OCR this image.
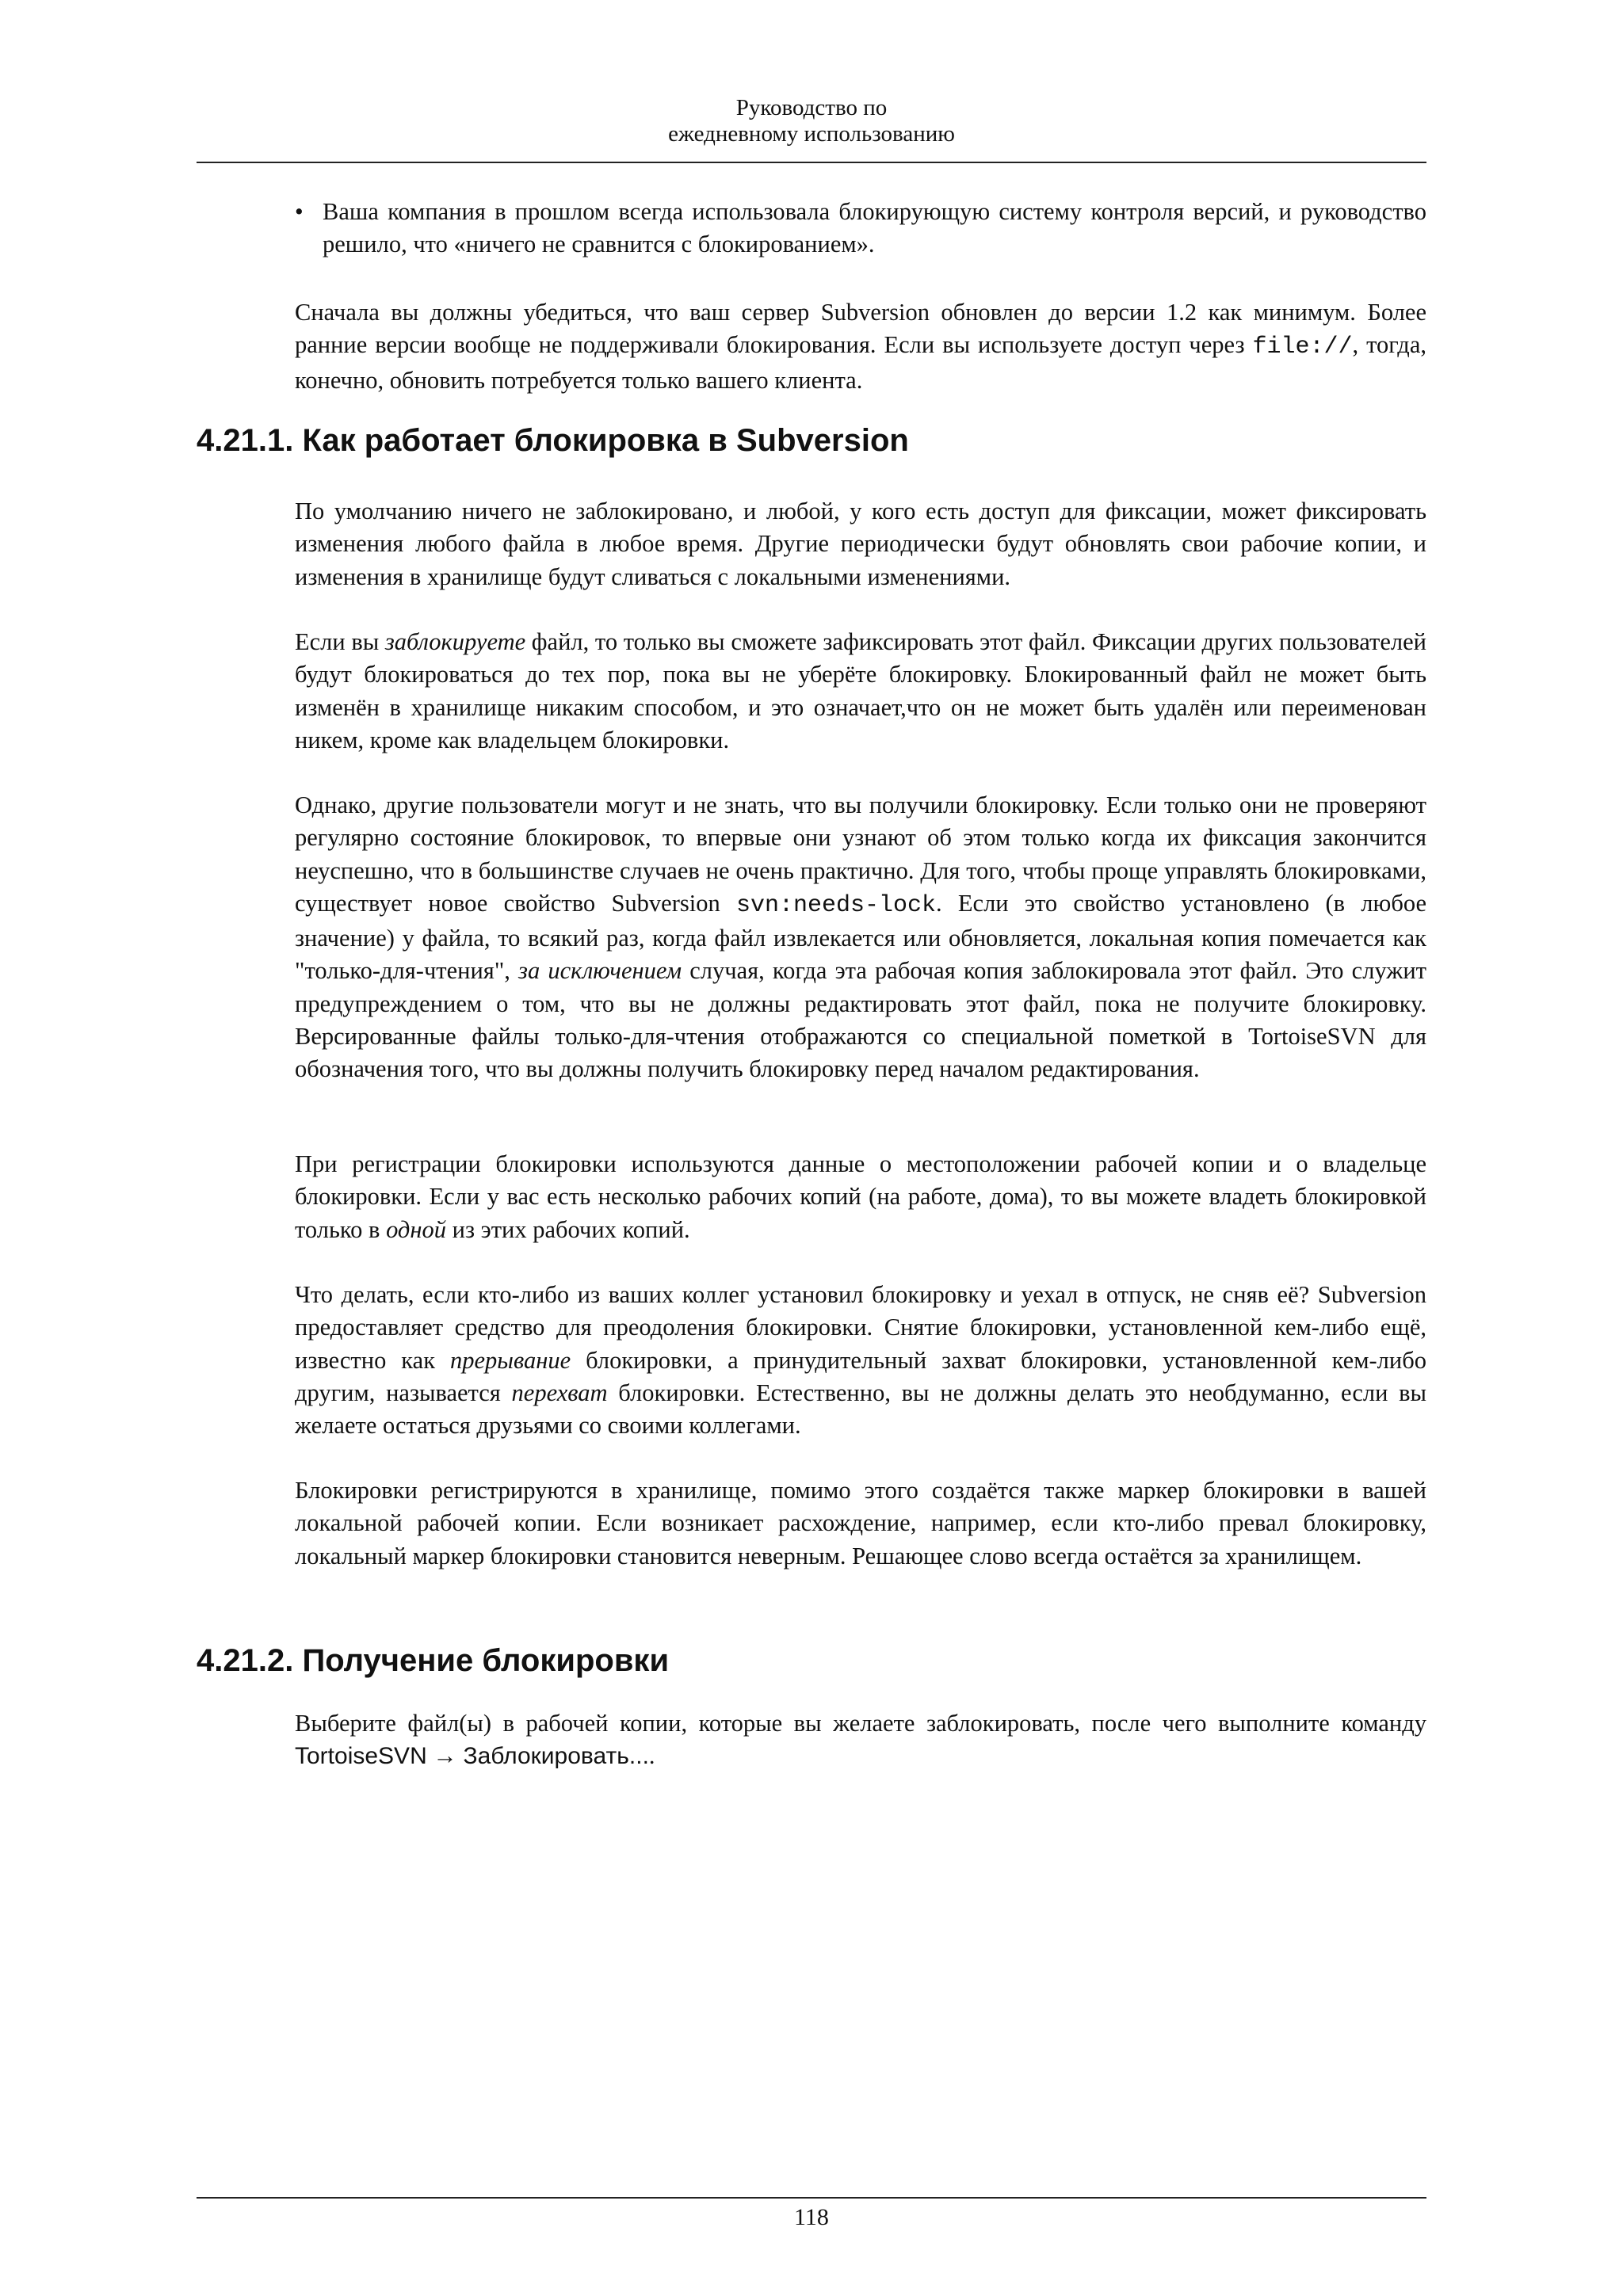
Руководство по
ежедневному использованию
• Ваша компания в прошлом всегда использовала блокирующую систему контроля версий, и руководство решило, что «ничего не сравнится с блокированием».

Сначала вы должны убедиться, что ваш сервер Subversion обновлен до версии 1.2 как минимум. Более ранние версии вообще не поддерживали блокирования. Если вы используете доступ через file://, тогда, конечно, обновить потребуется только вашего клиента.

4.21.1. Как работает блокировка в Subversion

По умолчанию ничего не заблокировано, и любой, у кого есть доступ для фиксации, может фиксировать изменения любого файла в любое время. Другие периодически будут обновлять свои рабочие копии, и изменения в хранилище будут сливаться с локальными изменениями.

Если вы заблокируете файл, то только вы сможете зафиксировать этот файл. Фиксации других пользователей будут блокироваться до тех пор, пока вы не уберёте блокировку. Блокированный файл не может быть изменён в хранилище никаким способом, и это означает,что он не может быть удалён или переименован никем, кроме как владельцем блокировки.

Однако, другие пользователи могут и не знать, что вы получили блокировку. Если только они не проверяют регулярно состояние блокировок, то впервые они узнают об этом только когда их фиксация закончится неуспешно, что в большинстве случаев не очень практично. Для того, чтобы проще управлять блокировками, существует новое свойство Subversion svn:needs-lock. Если это свойство установлено (в любое значение) у файла, то всякий раз, когда файл извлекается или обновляется, локальная копия помечается как "только-для-чтения", за исключением случая, когда эта рабочая копия заблокировала этот файл. Это служит предупреждением о том, что вы не должны редактировать этот файл, пока не получите блокировку. Версированные файлы только-для-чтения отображаются со специальной пометкой в TortoiseSVN для обозначения того, что вы должны получить блокировку перед началом редактирования.

При регистрации блокировки используются данные о местоположении рабочей копии и о владельце блокировки. Если у вас есть несколько рабочих копий (на работе, дома), то вы можете владеть блокировкой только в одной из этих рабочих копий.

Что делать, если кто-либо из ваших коллег установил блокировку и уехал в отпуск, не сняв её? Subversion предоставляет средство для преодоления блокировки. Снятие блокировки, установленной кем-либо ещё, известно как прерывание блокировки, а принудительный захват блокировки, установленной кем-либо другим, называется перехват блокировки. Естественно, вы не должны делать это необдуманно, если вы желаете остаться друзьями со своими коллегами.

Блокировки регистрируются в хранилище, помимо этого создаётся также маркер блокировки в вашей локальной рабочей копии. Если возникает расхождение, например, если кто-либо превал блокировку, локальный маркер блокировки становится неверным. Решающее слово всегда остаётся за хранилищем.

4.21.2. Получение блокировки

Выберите файл(ы) в рабочей копии, которые вы желаете заблокировать, после чего выполните команду TortoiseSVN → Заблокировать....

118
